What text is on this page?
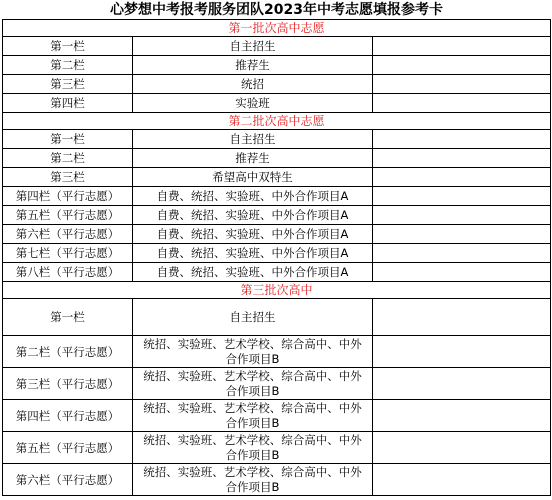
心梦想中考报考服务团队2023年中考志愿填报参考卡		
第一批次高中志愿		
第一栏	自主招生	
第二栏	推荐生	
第三栏	统招	
第四栏	实验班	
第二批次高中志愿		
第一栏	自主招生	
第二栏	推荐生	
第三栏	希望高中双特生	
第四栏（平行志愿）	自费、统招、实验班、中外合作项目A	
第五栏（平行志愿）	自费、统招、实验班、中外合作项目A	
第六栏（平行志愿）	自费、统招、实验班、中外合作项目A	
第七栏（平行志愿）	自费、统招、实验班、中外合作项目A	
第八栏（平行志愿）	自费、统招、实验班、中外合作项目A	
第三批次高中		
第一栏	自主招生	
第二栏（平行志愿）	统招、实验班、艺术学校、综合高中、中外合作项目B	
第三栏（平行志愿）	统招、实验班、艺术学校、综合高中、中外合作项目B	
第四栏（平行志愿）	统招、实验班、艺术学校、综合高中、中外合作项目B	
第五栏（平行志愿）	统招、实验班、艺术学校、综合高中、中外合作项目B	
第六栏（平行志愿）	统招、实验班、艺术学校、综合高中、中外合作项目B	
